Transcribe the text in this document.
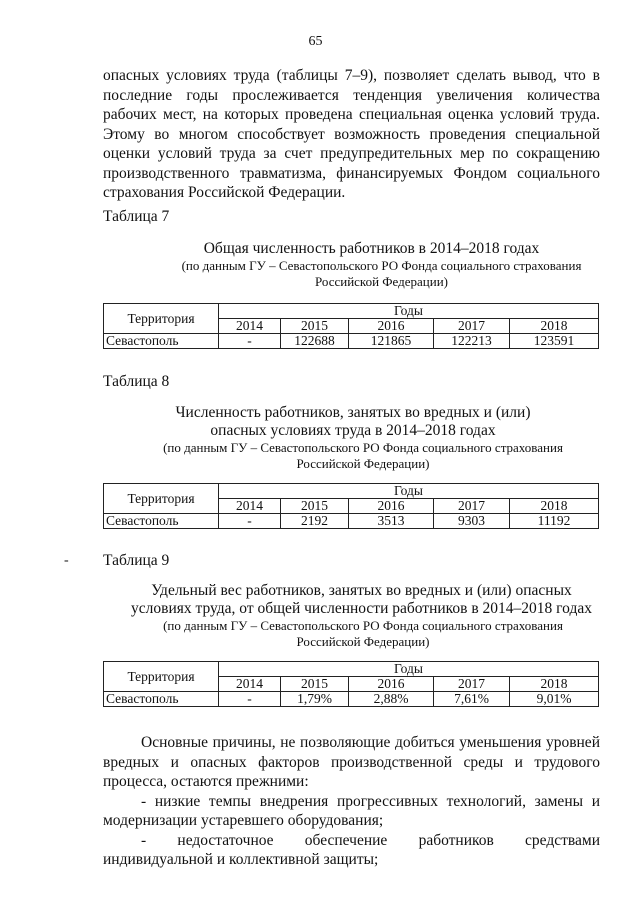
65

опасных условиях труда (таблицы 7–9), позволяет сделать вывод, что в последние годы прослеживается тенденция увеличения количества рабочих мест, на которых проведена специальная оценка условий труда. Этому во многом способствует возможность проведения специальной оценки условий труда за счет предупредительных мер по сокращению производственного травматизма, финансируемых Фондом социального страхования Российской Федерации.

Таблица 7
Общая численность работников в 2014–2018 годах
(по данным ГУ – Севастопольского РО Фонда социального страхования Российской Федерации)
Территория	Годы				
	2014	2015	2016	2017	2018
Севастополь	-	122688	121865	122213	123591
Таблица 8
Численность работников, занятых во вредных и (или) опасных условиях труда в 2014–2018 годах
(по данным ГУ – Севастопольского РО Фонда социального страхования Российской Федерации)
Территория	Годы				
	2014	2015	2016	2017	2018
Севастополь	-	2192	3513	9303	11192
- Таблица 9
Удельный вес работников, занятых во вредных и (или) опасных условиях труда, от общей численности работников в 2014–2018 годах
(по данным ГУ – Севастопольского РО Фонда социального страхования Российской Федерации)
Территория	Годы				
	2014	2015	2016	2017	2018
Севастополь	-	1,79%	2,88%	7,61%	9,01%

Основные причины, не позволяющие добиться уменьшения уровней вредных и опасных факторов производственной среды и трудового процесса, остаются прежними:

- низкие темпы внедрения прогрессивных технологий, замены и модернизации устаревшего оборудования;

- недостаточное обеспечение работников средствами индивидуальной и коллективной защиты;
